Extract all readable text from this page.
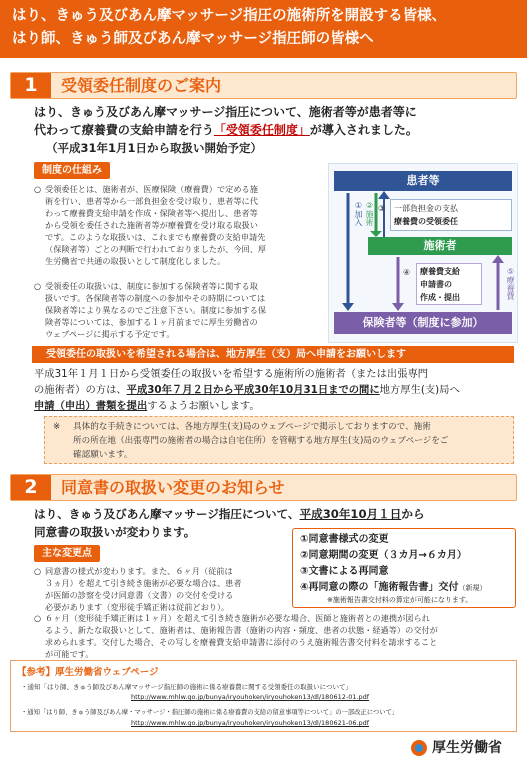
はり、きゅう及びあん摩マッサージ指圧の施術所を開設する皆様、
はり師、きゅう師及びあん摩マッサージ指圧師の皆様へ
1	受領委任制度のご案内
はり、きゅう及びあん摩マッサージ指圧について、施術者等が患者等に
代わって療養費の支給申請を行う「受領委任制度」が導入されました。
（平成31年1月1日から取扱い開始予定）
制度の仕組み
○ 受領委任とは、施術者が、医療保険（療養費）で定める施
術を行い、患者等から一部負担金を受け取り、患者等に代
わって療養費支給申請を作成・保険者等へ提出し、患者等
から受領を委任された施術者等が療養費を受け取る取扱い
です。このような取扱いは、これまでも療養費の支給申請先
（保険者等）ごとの判断で行われておりましたが、今回、厚
生労働省で共通の取扱いとして制度化しました。
○ 受領委任の取扱いは、制度に参加する保険者等に関する取
扱いです。各保険者等の制度への参加やその時期については
保険者等により異なるのでご注意下さい。制度に参加する保
険者等については、参加する１ヶ月前までに厚生労働省の
ウェブページに掲示する予定です。
患者等
施術者
保険者等（制度に参加）
①加入 ②施術 ③ 一部負担金の支払
療養費の受領委任
④ 療養費支給
申請書の
作成・提出	⑤療養費
受領委任の取扱いを希望される場合は、地方厚生（支）局へ申請をお願いします
平成31年１月１日から受領委任の取扱いを希望する施術所の施術者（または出張専門
の施術者）の方は、平成30年７月２日から平成30年10月31日までの間に地方厚生(支)局へ
申請（申出）書類を提出するようお願いします。
※ 具体的な手続きについては、各地方厚生(支)局のウェブページで掲示しておりますので、施術
所の所在地（出張専門の施術者の場合は自宅住所）を管轄する地方厚生(支)局のウェブページをご
確認願います。
2	同意書の取扱い変更のお知らせ
はり、きゅう及びあん摩マッサージ指圧について、平成30年10月１日から
同意書の取扱いが変わります。
主な変更点
○ 同意書の様式が変わります。また、６ヶ月（従前は
３ヵ月）を超えて引き続き施術が必要な場合は、患者
が医師の診察を受け同意書（文書）の交付を受ける
必要があります（変形徒手矯正術は従前どおり）。
①同意書様式の変更
②同意期間の変更（３カ月→６カ月）
③文書による再同意
④再同意の際の「施術報告書」交付（新規）
※施術報告書交付料の算定が可能になります。
○ ６ヶ月（変形徒手矯正術は１ヶ月）を超えて引き続き施術が必要な場合、医師と施術者との連携が図られ
るよう、新たな取扱いとして、施術者は、施術報告書（施術の内容・頻度、患者の状態・経過等）の交付が
求められます。交付した場合、その写しを療養費支給申請書に添付のうえ施術報告書交付料を請求すること
が可能です。
【参考】厚生労働省ウェブページ
・通知「はり師、きゅう師及びあん摩マッサージ指圧師の施術に係る療養費に関する受領委任の取扱いについて」
http://www.mhlw.go.jp/bunya/iryouhoken/iryouhoken13/dl/180612-01.pdf
・通知「はり師、きゅう師及びあん摩・マッサージ・指圧師の施術に係る療養費の支給の留意事項等について」の一部改正について」
http://www.mhlw.go.jp/bunya/iryouhoken/iryouhoken13/dl/180621-06.pdf
厚生労働省
